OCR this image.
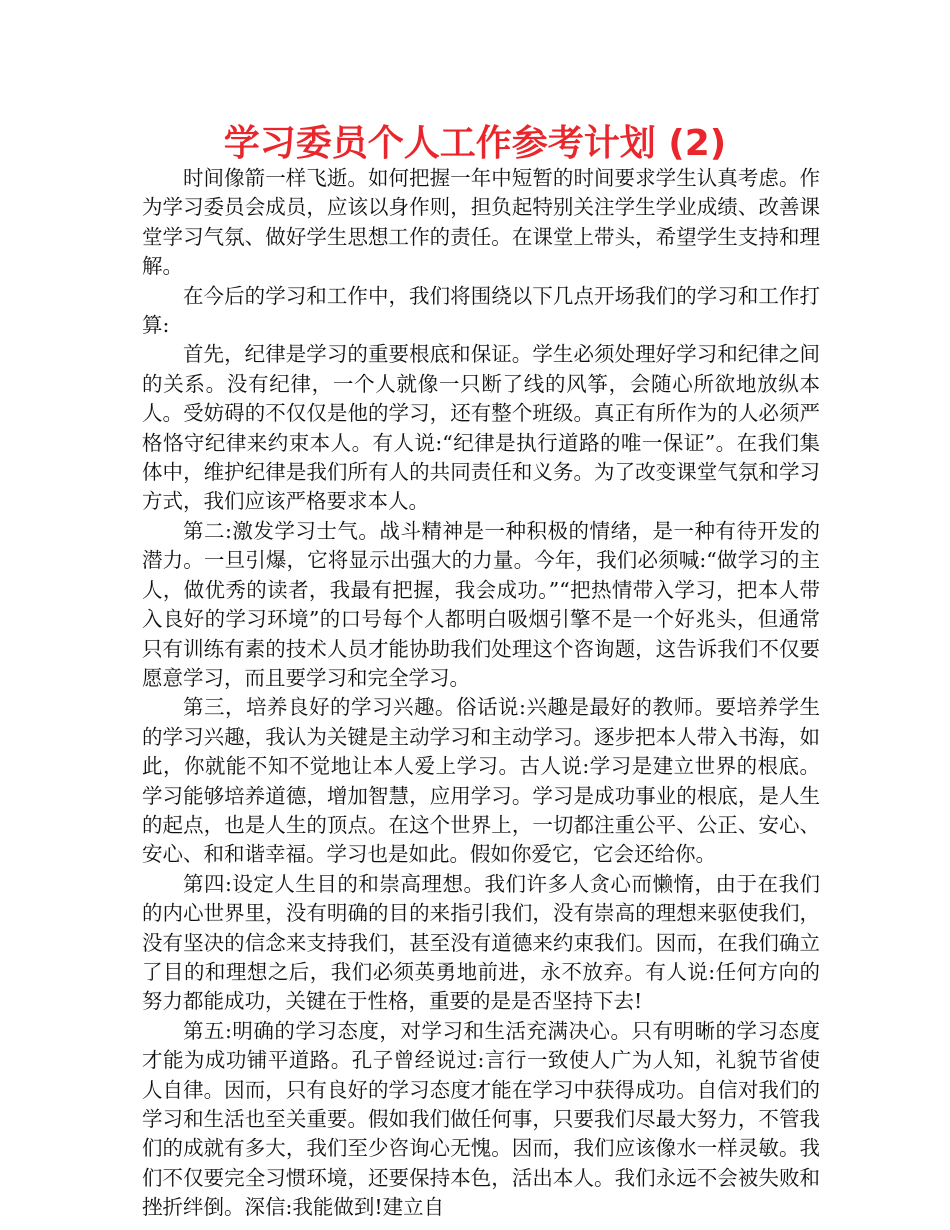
学习委员个人工作参考计划 (2)

时间像箭一样飞逝。如何把握一年中短暂的时间要求学生认真考虑。作为学习委员会成员，应该以身作则，担负起特别关注学生学业成绩、改善课堂学习气氛、做好学生思想工作的责任。在课堂上带头，希望学生支持和理解。

在今后的学习和工作中，我们将围绕以下几点开场我们的学习和工作打算:

首先，纪律是学习的重要根底和保证。学生必须处理好学习和纪律之间的关系。没有纪律，一个人就像一只断了线的风筝，会随心所欲地放纵本人。受妨碍的不仅仅是他的学习，还有整个班级。真正有所作为的人必须严格恪守纪律来约束本人。有人说:“纪律是执行道路的唯一保证”。在我们集体中，维护纪律是我们所有人的共同责任和义务。为了改变课堂气氛和学习方式，我们应该严格要求本人。

第二:激发学习士气。战斗精神是一种积极的情绪，是一种有待开发的潜力。一旦引爆，它将显示出强大的力量。今年，我们必须喊:“做学习的主人，做优秀的读者，我最有把握，我会成功。”“把热情带入学习，把本人带入良好的学习环境”的口号每个人都明白吸烟引擎不是一个好兆头，但通常只有训练有素的技术人员才能协助我们处理这个咨询题，这告诉我们不仅要愿意学习，而且要学习和完全学习。

第三，培养良好的学习兴趣。俗话说:兴趣是最好的教师。要培养学生的学习兴趣，我认为关键是主动学习和主动学习。逐步把本人带入书海，如此，你就能不知不觉地让本人爱上学习。古人说:学习是建立世界的根底。学习能够培养道德，增加智慧，应用学习。学习是成功事业的根底，是人生的起点，也是人生的顶点。在这个世界上，一切都注重公平、公正、安心、安心、和和谐幸福。学习也是如此。假如你爱它，它会还给你。

第四:设定人生目的和崇高理想。我们许多人贪心而懒惰，由于在我们的内心世界里，没有明确的目的来指引我们，没有崇高的理想来驱使我们，没有坚决的信念来支持我们，甚至没有道德来约束我们。因而，在我们确立了目的和理想之后，我们必须英勇地前进，永不放弃。有人说:任何方向的努力都能成功，关键在于性格，重要的是是否坚持下去!

第五:明确的学习态度，对学习和生活充满决心。只有明晰的学习态度才能为成功铺平道路。孔子曾经说过:言行一致使人广为人知，礼貌节省使人自律。因而，只有良好的学习态度才能在学习中获得成功。自信对我们的学习和生活也至关重要。假如我们做任何事，只要我们尽最大努力，不管我们的成就有多大，我们至少咨询心无愧。因而，我们应该像水一样灵敏。我们不仅要完全习惯环境，还要保持本色，活出本人。我们永远不会被失败和挫折绊倒。深信:我能做到!建立自
